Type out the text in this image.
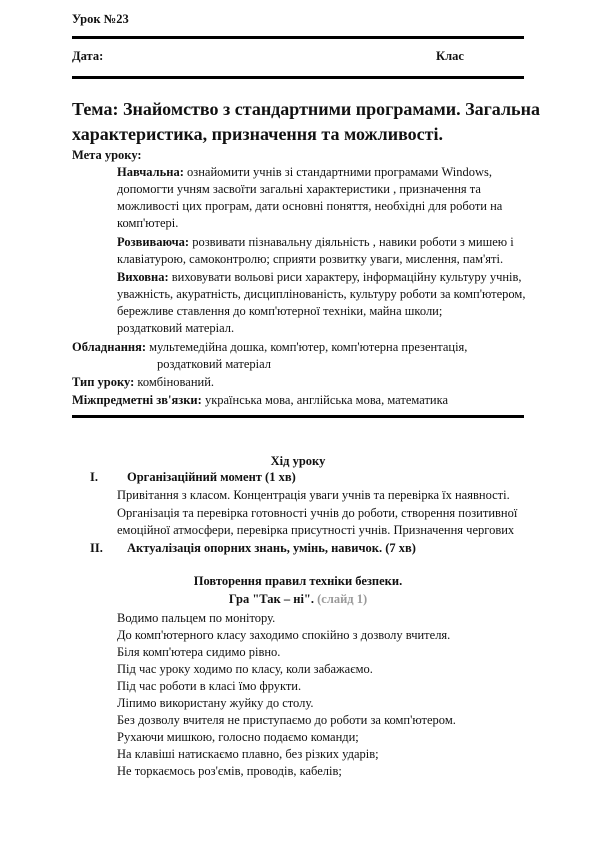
Урок №23
Дата:	Клас
Тема: Знайомство з стандартними програмами. Загальна
характеристика, призначення та можливості.
Мета уроку:
Навчальна: ознайомити учнів зі стандартними програмами Windows,
допомогти учням засвоїти загальні характеристики , призначення та
можливості цих програм, дати основні поняття, необхідні для роботи на
комп'ютері.
Розвиваюча: розвивати пізнавальну діяльність , навики роботи з мишею і
клавіатурою, самоконтролю; сприяти розвитку уваги, мислення, пам'яті.
Виховна: виховувати вольові риси характеру, інформаційну культуру учнів,
уважність, акуратність, дисциплінованість, культуру роботи за комп'ютером,
бережливе ставлення до комп'ютерної техніки, майна школи;
роздатковий матеріал.
Обладнання: мультемедійна дошка, комп'ютер, комп'ютерна презентація,
роздатковий матеріал
Тип уроку: комбінований.
Міжпредметні зв'язки: українська мова, англійська мова, математика
Хід уроку
I. Організаційний момент (1 хв)
Привітання з класом. Концентрація уваги учнів та перевірка їх наявності.
Організація та перевірка готовності учнів до роботи, створення позитивної
емоційної атмосфери, перевірка присутності учнів. Призначення чергових
II. Актуалізація опорних знань, умінь, навичок. (7 хв)
Повторення правил техніки безпеки.
Гра "Так – ні". (слайд 1)
Водимо пальцем по монітору.
До комп'ютерного класу заходимо спокійно з дозволу вчителя.
Біля комп'ютера сидимо рівно.
Під час уроку ходимо по класу, коли забажаємо.
Під час роботи в класі їмо фрукти.
Ліпимо використану жуйку до столу.
Без дозволу вчителя не приступаємо до роботи за комп'ютером.
Рухаючи мишкою, голосно подаємо команди;
На клавіші натискаємо плавно, без різких ударів;
Не торкаємось роз'ємів, проводів, кабелів;
